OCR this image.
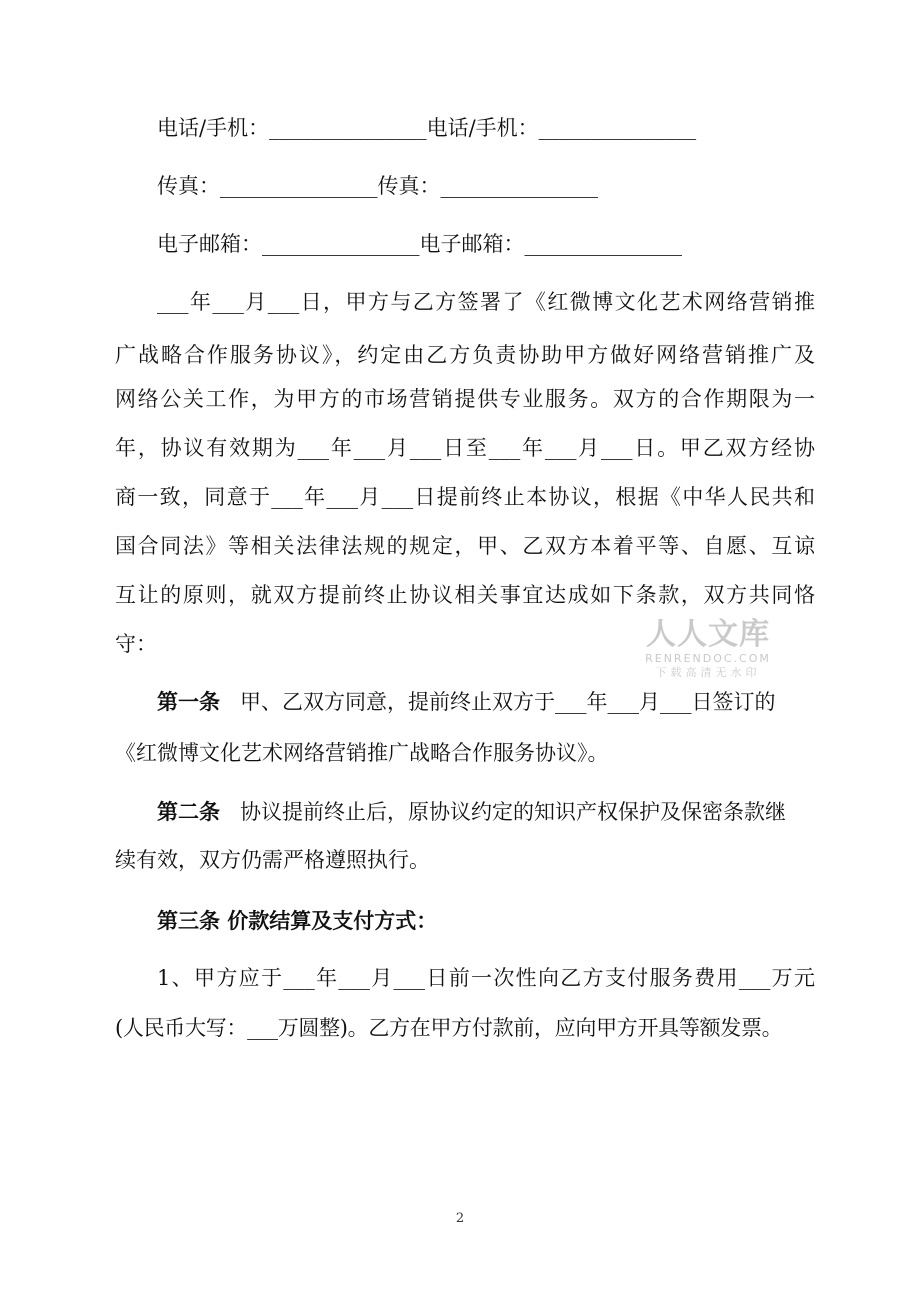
电话/手机：_______________电话/手机：_______________
传真：_______________传真：_______________
电子邮箱：_______________电子邮箱：_______________
___年___月___日，甲方与乙方签署了《红微博文化艺术网络营销推
广战略合作服务协议》，约定由乙方负责协助甲方做好网络营销推广及
网络公关工作，为甲方的市场营销提供专业服务。双方的合作期限为一
年，协议有效期为___年___月___日至___年___月___日。甲乙双方经协
商一致，同意于___年___月___日提前终止本协议，根据《中华人民共和
国合同法》等相关法律法规的规定，甲、乙双方本着平等、自愿、互谅
互让的原则，就双方提前终止协议相关事宜达成如下条款，双方共同恪
守：
第一条 甲、乙双方同意，提前终止双方于___年___月___日签订的
《红微博文化艺术网络营销推广战略合作服务协议》。
第二条 协议提前终止后，原协议约定的知识产权保护及保密条款继
续有效，双方仍需严格遵照执行。
第三条 价款结算及支付方式：
1、甲方应于___年___月___日前一次性向乙方支付服务费用___万元
(人民币大写：___万圆整)。乙方在甲方付款前，应向甲方开具等额发票。
人人文库
RENRENDOC.COM
下载高清无水印
2
